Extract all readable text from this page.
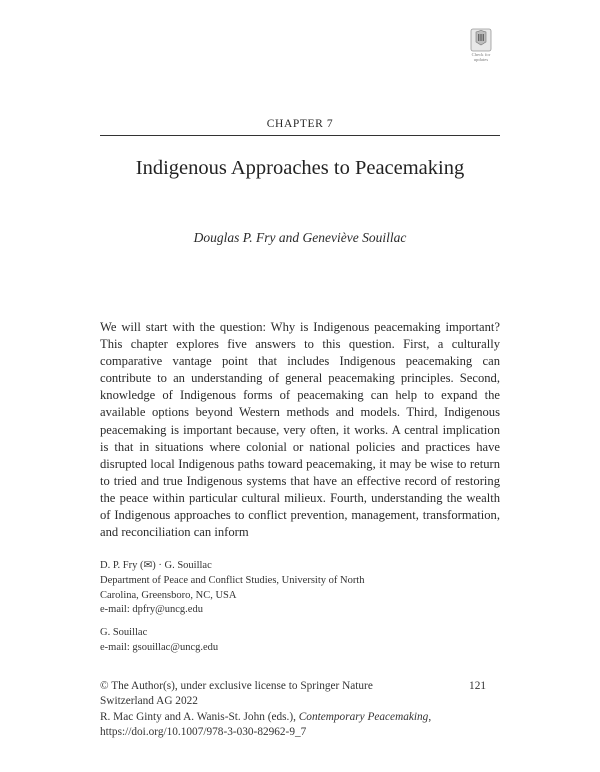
Check for
updates
CHAPTER 7
Indigenous Approaches to Peacemaking
Douglas P. Fry and Geneviève Souillac
We will start with the question: Why is Indigenous peacemaking important? This chapter explores five answers to this question. First, a culturally comparative vantage point that includes Indigenous peacemaking can contribute to an understanding of general peacemaking principles. Second, knowledge of Indigenous forms of peacemaking can help to expand the available options beyond Western methods and models. Third, Indigenous peacemaking is important because, very often, it works. A central implication is that in situations where colonial or national policies and practices have disrupted local Indigenous paths toward peacemaking, it may be wise to return to tried and true Indigenous systems that have an effective record of restoring the peace within particular cultural milieux. Fourth, understanding the wealth of Indigenous approaches to conflict prevention, management, transformation, and reconciliation can inform
D. P. Fry (✉) · G. Souillac
Department of Peace and Conflict Studies, University of North
Carolina, Greensboro, NC, USA
e-mail: dpfry@uncg.edu
G. Souillac
e-mail: gsouillac@uncg.edu
121
© The Author(s), under exclusive license to Springer Nature
Switzerland AG 2022
R. Mac Ginty and A. Wanis-St. John (eds.), Contemporary Peacemaking,
https://doi.org/10.1007/978-3-030-82962-9_7
